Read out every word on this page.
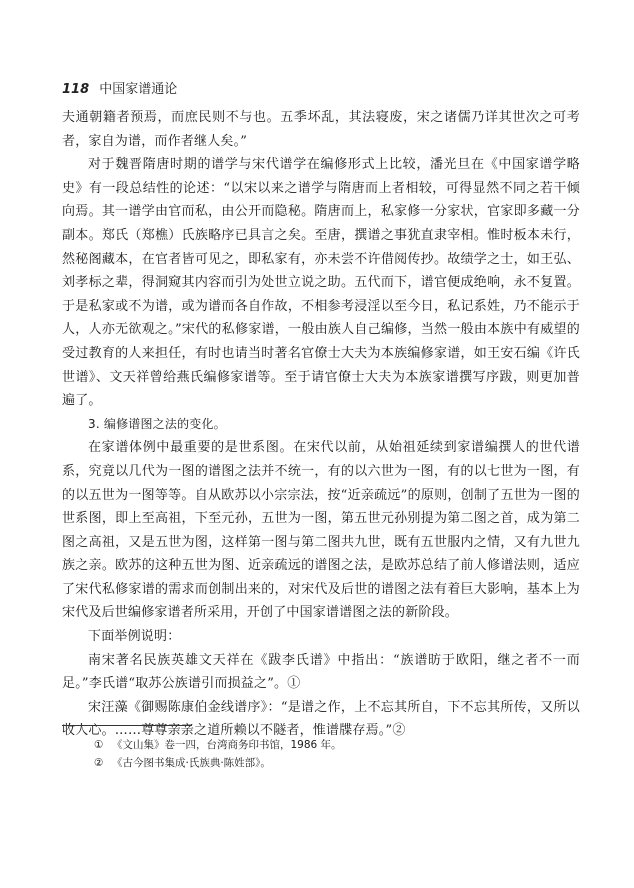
118 中国家谱通论

夫通朝籍者预焉，而庶民则不与也。五季坏乱，其法寝废，宋之诸儒乃详其世次之可考者，家自为谱，而作者继人矣。”

对于魏晋隋唐时期的谱学与宋代谱学在编修形式上比较，潘光旦在《中国家谱学略史》有一段总结性的论述：“以宋以来之谱学与隋唐而上者相较，可得显然不同之若干倾向焉。其一谱学由官而私，由公开而隐秘。隋唐而上，私家修一分家状，官家即多藏一分副本。郑氏（郑樵）氏族略序已具言之矣。至唐，撰谱之事犹直隶宰相。惟时板本未行，然秘阁藏本，在官者皆可见之，即私家有，亦未尝不许借阅传抄。故绩学之士，如王弘、刘孝标之辈，得洞窥其内容而引为处世立说之助。五代而下，谱官便成绝响，永不复置。于是私家或不为谱，或为谱而各自作故，不相参考浸淫以至今日，私记系姓，乃不能示于人，人亦无欲观之。”宋代的私修家谱，一般由族人自己编修，当然一般由本族中有威望的受过教育的人来担任，有时也请当时著名官僚士大夫为本族编修家谱，如王安石编《许氏世谱》、文天祥曾给燕氏编修家谱等。至于请官僚士大夫为本族家谱撰写序跋，则更加普遍了。

3. 编修谱图之法的变化。

在家谱体例中最重要的是世系图。在宋代以前，从始祖延续到家谱编撰人的世代谱系，究竟以几代为一图的谱图之法并不统一，有的以六世为一图，有的以七世为一图，有的以五世为一图等等。自从欧苏以小宗宗法，按“近亲疏远”的原则，创制了五世为一图的世系图，即上至高祖，下至元孙，五世为一图，第五世元孙别提为第二图之首，成为第二图之高祖，又是五世为图，这样第一图与第二图共九世，既有五世服内之情，又有九世九族之亲。欧苏的这种五世为图、近亲疏远的谱图之法，是欧苏总结了前人修谱法则，适应了宋代私修家谱的需求而创制出来的，对宋代及后世的谱图之法有着巨大影响，基本上为宋代及后世编修家谱者所采用，开创了中国家谱谱图之法的新阶段。

下面举例说明：

南宋著名民族英雄文天祥在《跋李氏谱》中指出：“族谱昉于欧阳，继之者不一而足。”李氏谱“取苏公族谱引而损益之”。①

宋汪藻《御赐陈康伯金线谱序》：“是谱之作，上不忘其所自，下不忘其所传，又所以收人心。……尊尊亲亲之道所赖以不隧者，惟谱牒存焉。”②

① 《文山集》卷一四，台湾商务印书馆，1986 年。
② 《古今图书集成·氏族典·陈姓部》。
